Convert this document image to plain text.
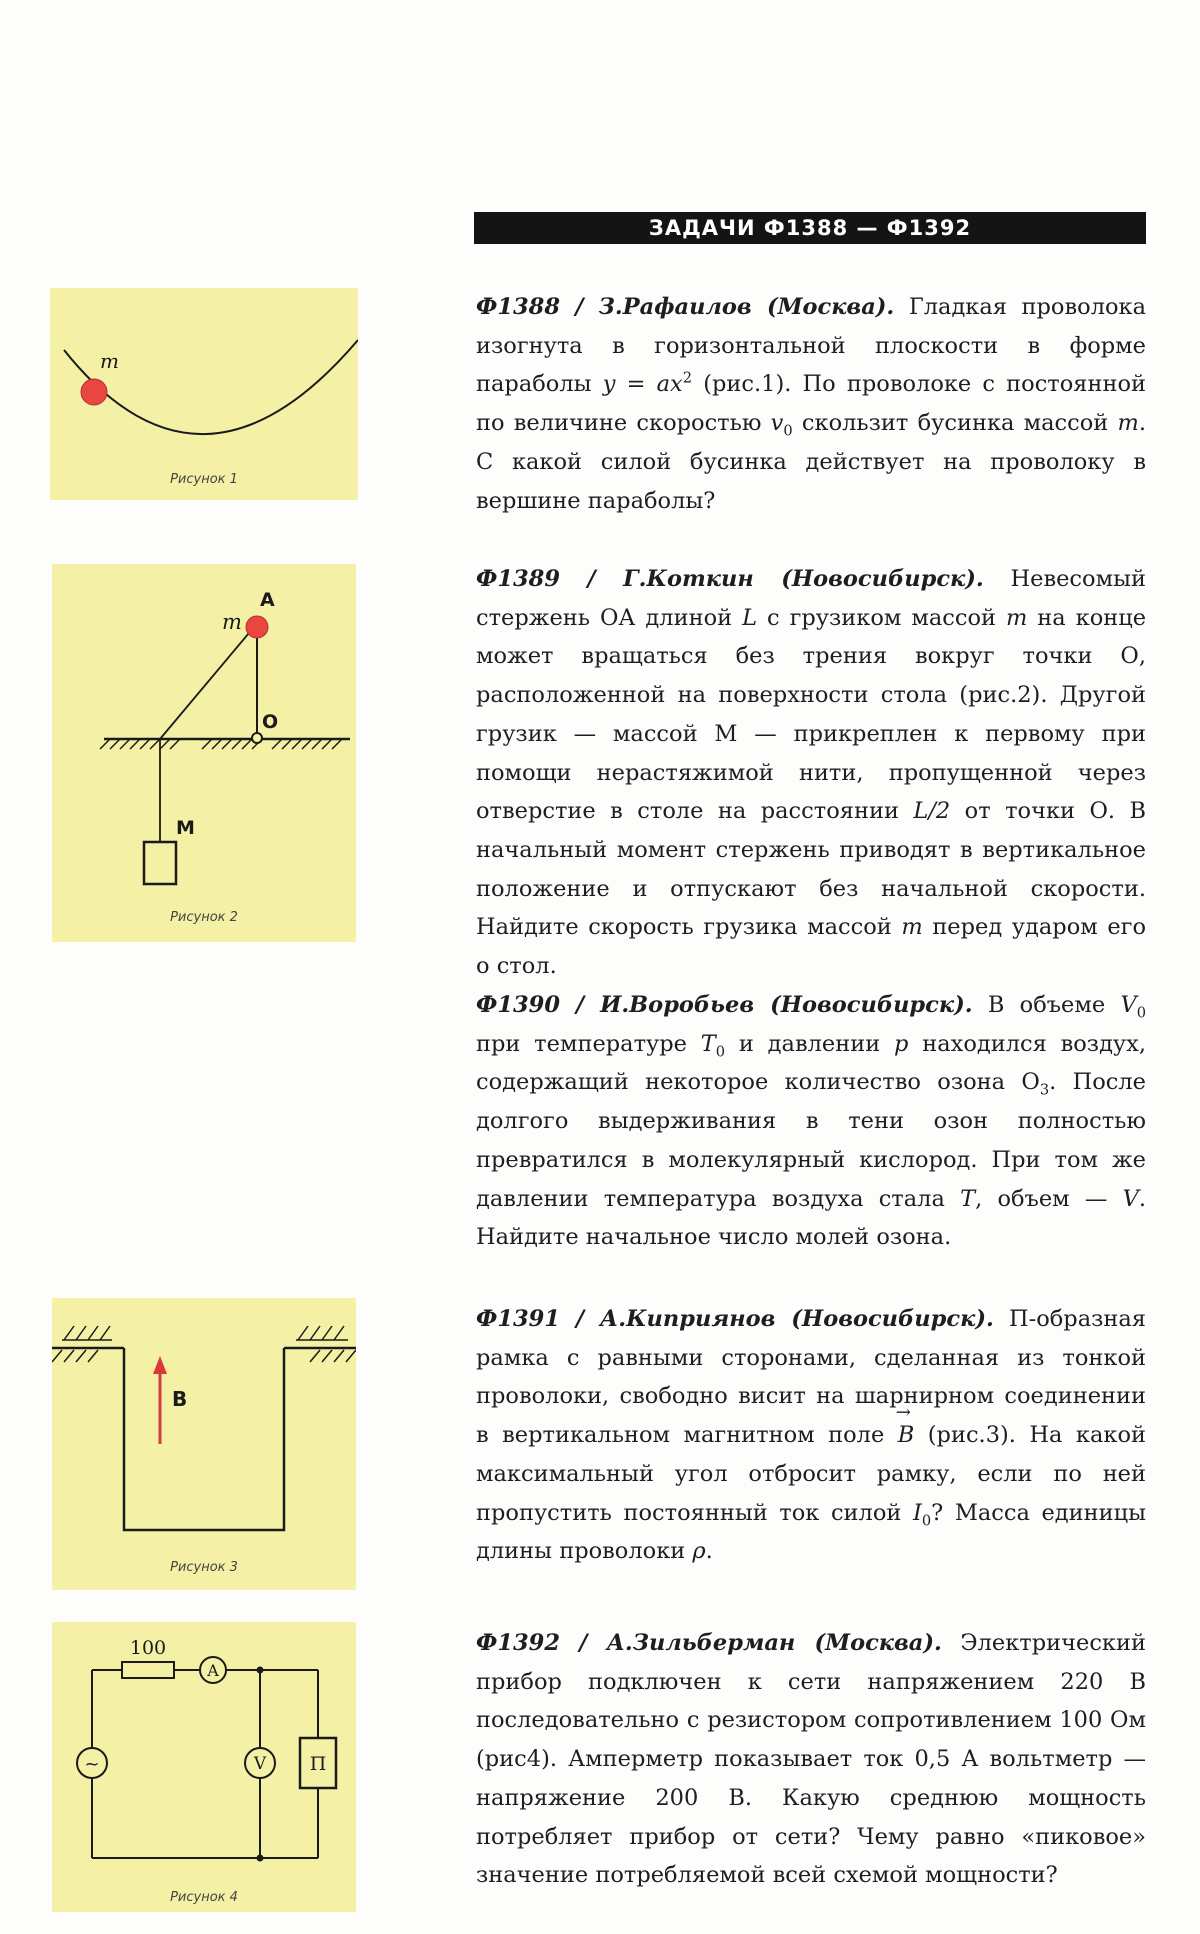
ЗАДАЧИ Ф1388 — Ф1392

Ф1388 / З.Рафаилов (Москва). Гладкая проволока изогнута в горизонтальной плоскости в форме параболы $y = ax^2$ (рис.1). По проволоке с постоянной по величине скоростью $v_0$ скользит бусинка массой m. С какой силой бусинка действует на проволоку в вершине параболы?

Ф1389 / Г.Коткин (Новосибирск). Невесомый стержень ОА длиной L с грузиком массой m на конце может вращаться без трения вокруг точки О, расположенной на поверхности стола (рис.2). Другой грузик — массой М — прикреплен к первому при помощи нерастяжимой нити, пропущенной через отверстие в столе на расстоянии L/2 от точки О. В начальный момент стержень приводят в вертикальное положение и отпускают без начальной скорости. Найдите скорость грузика массой m перед ударом его о стол.

Ф1390 / И.Воробьев (Новосибирск). В объеме $V_0$ при температуре $T_0$ и давлении p находился воздух, содержащий некоторое количество озона $О_3$. После долгого выдерживания в тени озон полностью превратился в молекулярный кислород. При том же давлении температура воздуха стала T, объем — V. Найдите начальное число молей озона.

Ф1391 / А.Киприянов (Новосибирск). П-образная рамка с равными сторонами, сделанная из тонкой проволоки, свободно висит на шарнирном соединении в вертикальном магнитном поле → B (рис.3). На какой максимальный угол отбросит рамку, если по ней пропустить постоянный ток силой $I_0$? Масса единицы длины проволоки ρ.

Ф1392 / А.Зильберман (Москва). Электрический прибор подключен к сети напряжением 220 В последовательно с резистором сопротивлением 100 Ом (рис4). Амперметр показывает ток 0,5 А вольтметр — напряжение 200 В. Какую среднюю мощность потребляет прибор от сети? Чему равно «пиковое» значение потребляемой всей схемой мощности?

m
Рисунок 1
A
m
O
M
Рисунок 2
B
Рисунок 3
100
A
V
~	П
Рисунок 4
